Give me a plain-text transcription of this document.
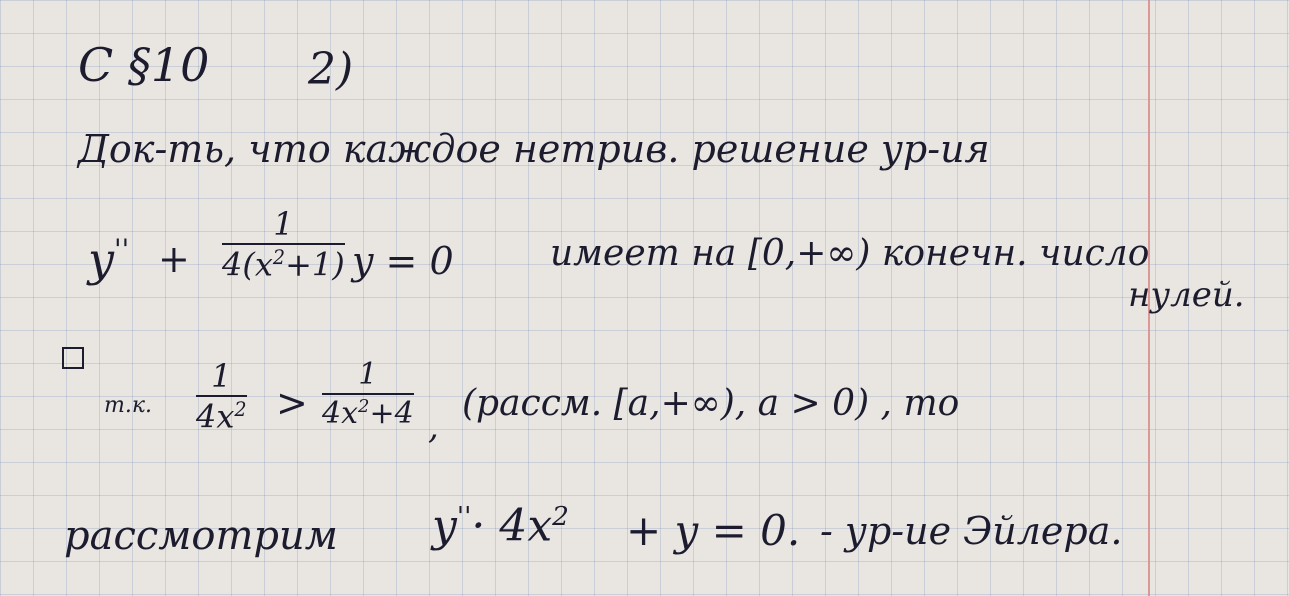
C §10 2)
Док-ть, что каждое нетрив. решение ур-ия
y'' +
1
$4(x^2+1) y = 0$	имеет на [0,+∞) конечн. число
нулей.
т.к.
1
$4x^2$ >
1
$4x^2+4$ ,
(рассм. [a,+∞), a > 0) , то
рассмотрим $y''\cdot 4x^2 + y = 0$. - ур-ие Эйлера.
